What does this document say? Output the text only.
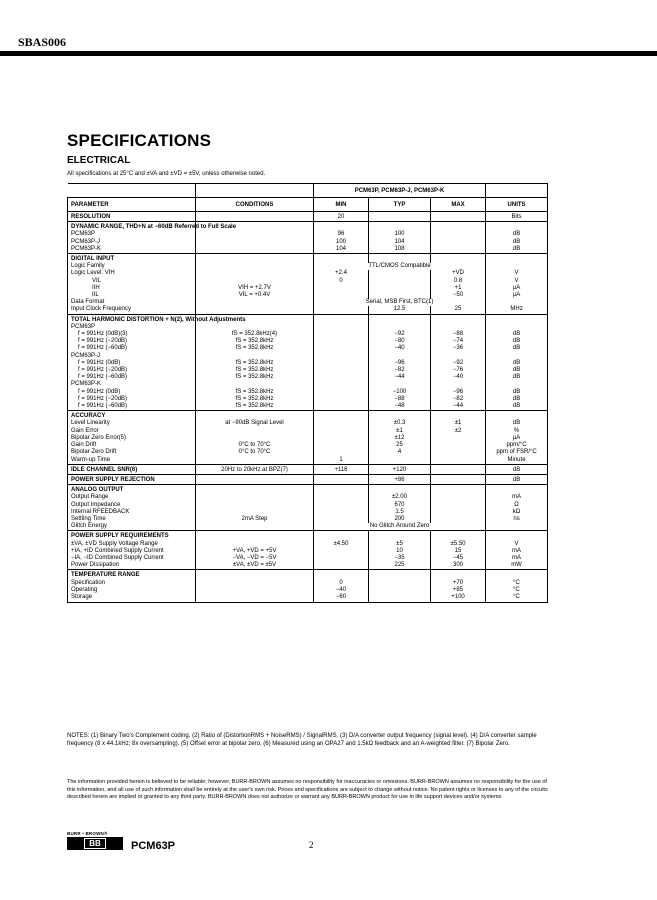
SBAS006
SPECIFICATIONS
ELECTRICAL
All specifications at 25°C and ±VA and ±VD = ±5V, unless otherwise noted.
		PCM63P, PCM63P-J, PCM63P-K			
PARAMETER	CONDITIONS	MIN	TYP	MAX	UNITS
RESOLUTION		20			Bits
DYNAMIC RANGE, THD+N at −60dB Referred to Full Scale					
PCM63P		96	100		dB
PCM63P-J		100	104		dB
PCM63P-K		104	108		dB
DIGITAL INPUT					
Logic Family		TTL/CMOS Compatible			
Logic Level: VIH		+2.4		+VD	V
VIL		0		0.8	V
IIH	VIH = +2.7V			+1	µA
IIL	VIL = +0.4V			−50	µA
Data Format		Serial, MSB First, BTC(1)			
Input Clock Frequency			12.5	25	MHz
TOTAL HARMONIC DISTORTION + N(2), Without Adjustments					
PCM63P					
f = 991Hz (0dB)(3)	fS = 352.8kHz(4)		−92	−88	dB
f = 991Hz (−20dB)	fS = 352.8kHz		−80	−74	dB
f = 991Hz (−60dB)	fS = 352.8kHz		−40	−36	dB
PCM63P-J					
f = 991Hz (0dB)	fS = 352.8kHz		−96	−92	dB
f = 991Hz (−20dB)	fS = 352.8kHz		−82	−76	dB
f = 991Hz (−60dB)	fS = 352.8kHz		−44	−40	dB
PCM63P-K					
f = 991Hz (0dB)	fS = 352.8kHz		−100	−96	dB
f = 991Hz (−20dB)	fS = 352.8kHz		−88	−82	dB
f = 991Hz (−60dB)	fS = 352.8kHz		−48	−44	dB
ACCURACY					
Level Linearity	at −90dB Signal Level		±0.3	±1	dB
Gain Error			±1	±2	%
Bipolar Zero Error(5)			±12		µA
Gain Drift	0°C to 70°C		25		ppm/°C
Bipolar Zero Drift	0°C to 70°C		4		ppm of FSR/°C
Warm-up Time		1			Minute
IDLE CHANNEL SNR(6)	20Hz to 20kHz at BPZ(7)	+116	+120		dB
POWER SUPPLY REJECTION			+86		dB
ANALOG OUTPUT					
Output Range			±2.00		mA
Output Impedance			670		Ω
Internal RFEEDBACK			1.5		kΩ
Settling Time	2mA Step		200		ns
Glitch Energy		No Glitch Around Zero			
POWER SUPPLY REQUIREMENTS					
±VA, ±VD Supply Voltage Range		±4.50	±5	±5.50	V
+IA, +ID Combined Supply Current	+VA, +VD = +5V		10	15	mA
−IA, −ID Combined Supply Current	−VA, −VD = −5V		−35	−45	mA
Power Dissipation	±VA, ±VD = ±5V		225	300	mW
TEMPERATURE RANGE					
Specification		0		+70	°C
Operating		−40		+85	°C
Storage		−60		+100	°C
NOTES: (1) Binary Two's Complement coding. (2) Ratio of (DistortionRMS + NoiseRMS) / SignalRMS. (3) D/A converter output frequency (signal level). (4) D/A converter sample frequency (8 x 44.1kHz; 8x oversampling). (5) Offset error at bipolar zero. (6) Measured using an OPA27 and 1.5kΩ feedback and an A-weighted filter. (7) Bipolar Zero.
The information provided herein is believed to be reliable; however, BURR-BROWN assumes no responsibility for inaccuracies or omissions. BURR-BROWN assumes no responsibility for the use of this information, and all use of such information shall be entirely at the user's own risk. Prices and specifications are subject to change without notice. No patent rights or licenses to any of the circuits described herein are implied or granted to any third party. BURR-BROWN does not authorize or warrant any BURR-BROWN product for use in life support devices and/or systems.
BURR • BROWN®
BB	PCM63P	2
